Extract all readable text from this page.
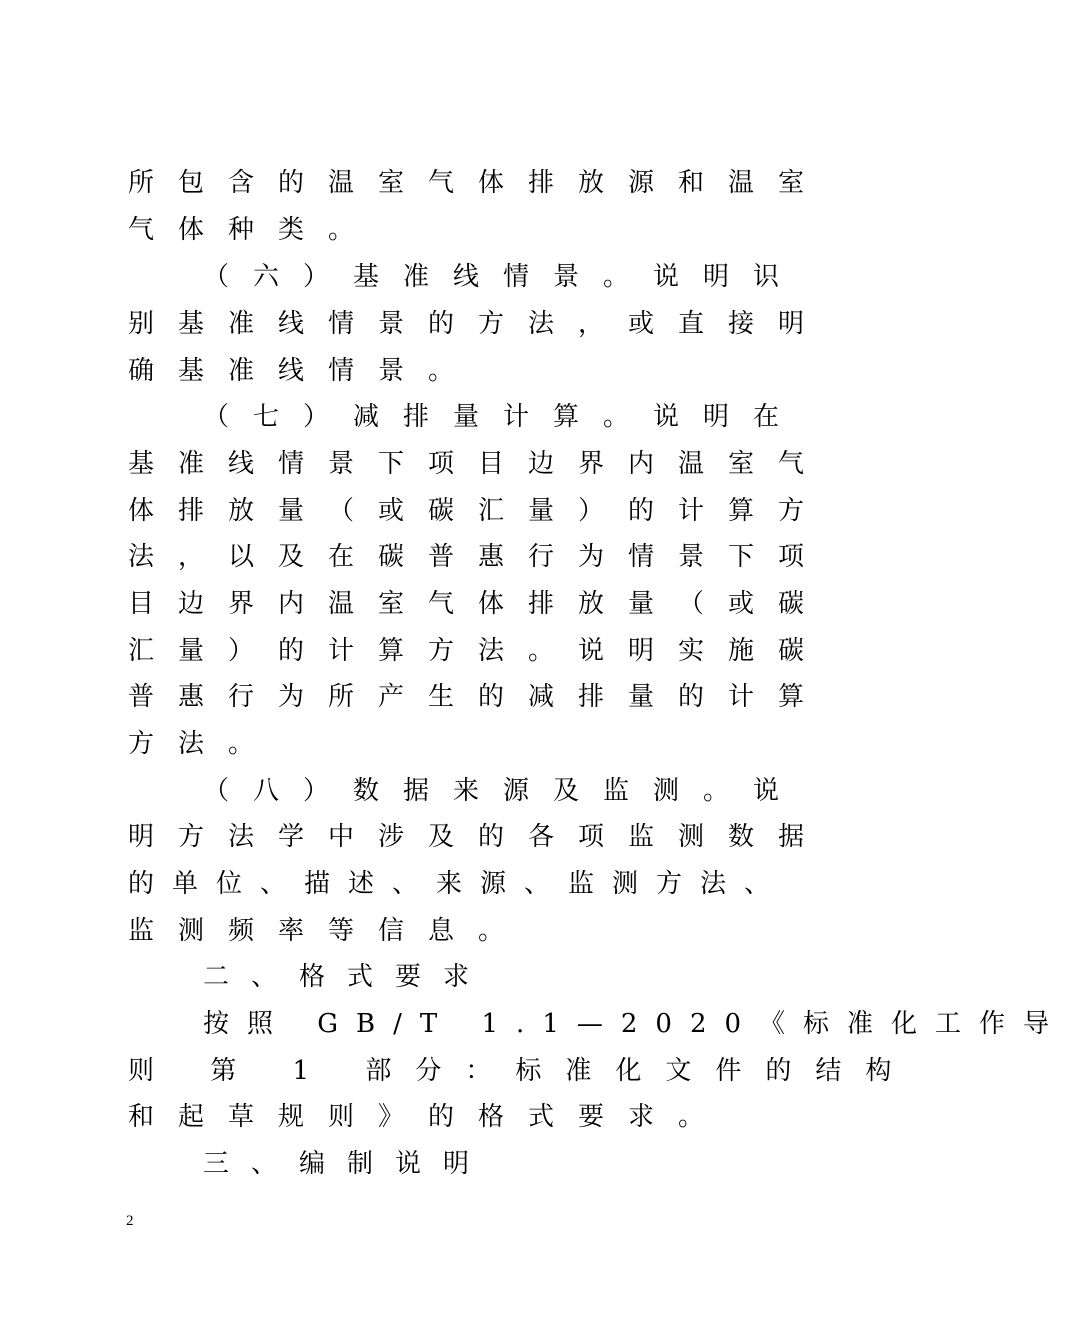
所包含的温室气体排放源和温室
气体种类。
（六）基准线情景。说明识
别基准线情景的方法，或直接明
确基准线情景。
（七）减排量计算。说明在
基准线情景下项目边界内温室气
体排放量（或碳汇量）的计算方
法，以及在碳普惠行为情景下项
目边界内温室气体排放量（或碳
汇量）的计算方法。说明实施碳
普惠行为所产生的减排量的计算
方法。
（八）数据来源及监测。说
明方法学中涉及的各项监测数据
的单位、描述、来源、监测方法、
监测频率等信息。
二、格式要求
按照 GB/T 1.1—2020《标准化工作导
则 第 1 部分：标准化文件的结构
和起草规则》的格式要求。
三、编制说明
2
